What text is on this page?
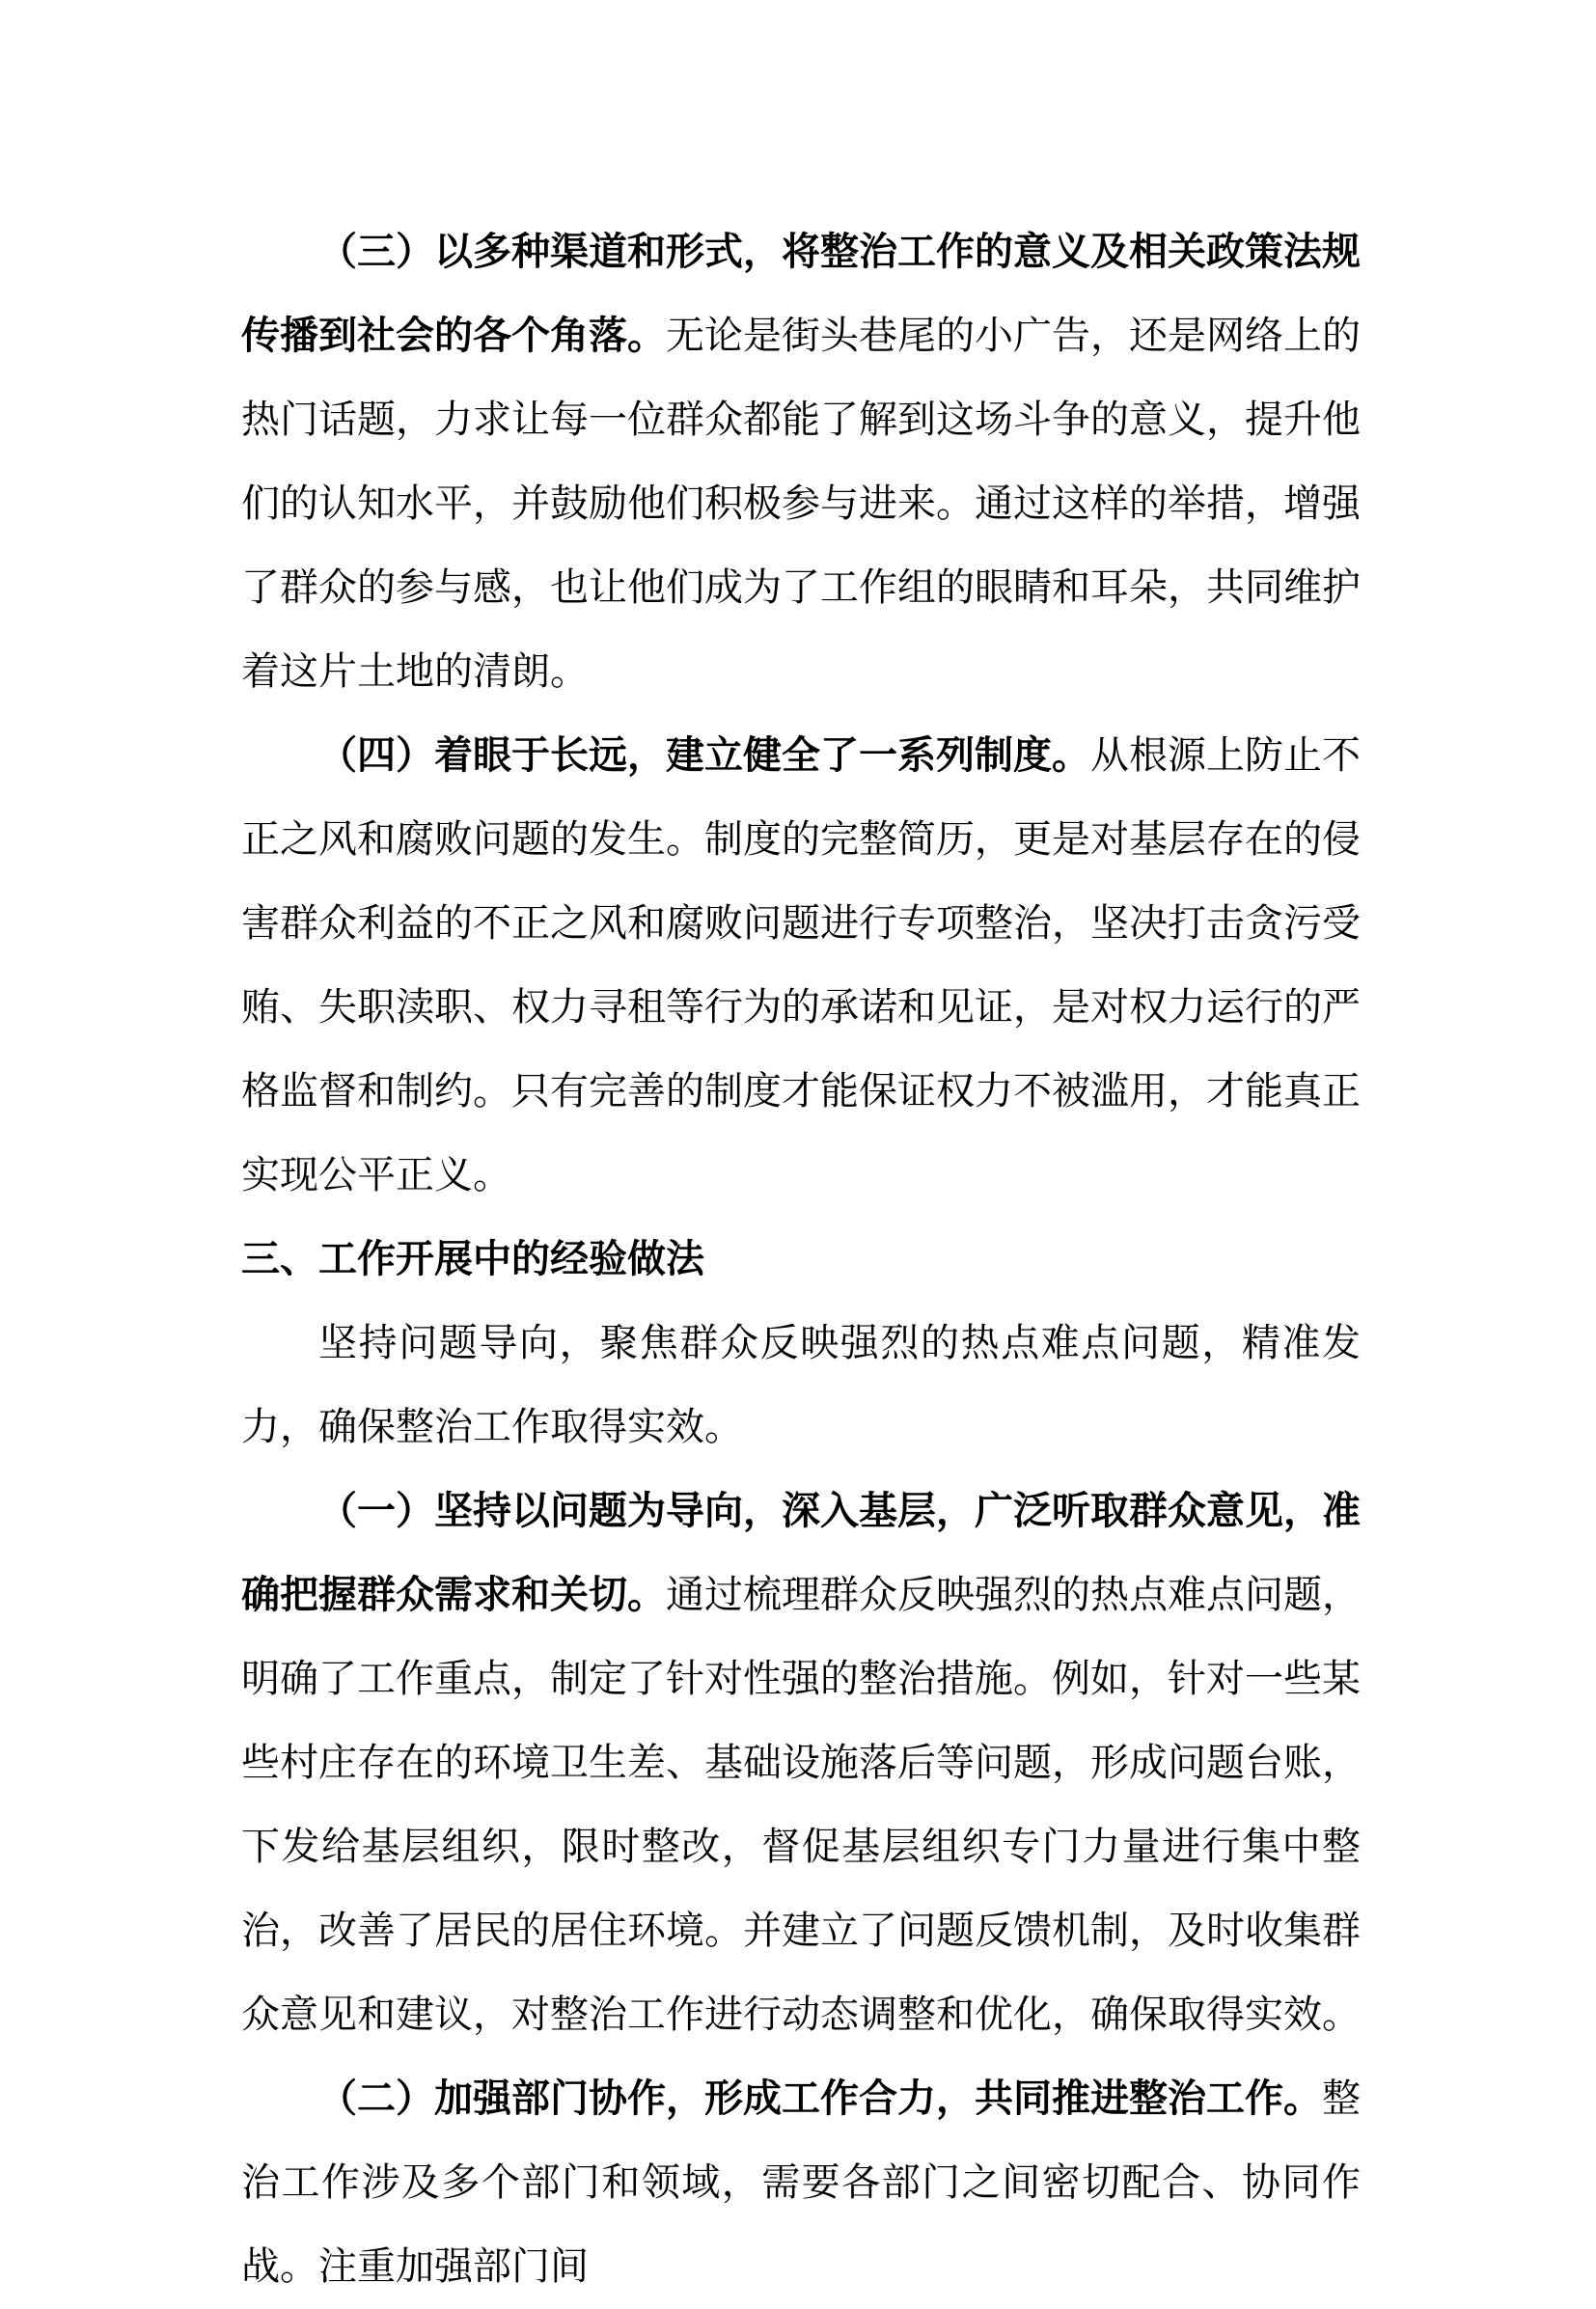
（三）以多种渠道和形式，将整治工作的意义及相关政策法规传播到社会的各个角落。无论是街头巷尾的小广告，还是网络上的热门话题，力求让每一位群众都能了解到这场斗争的意义，提升他们的认知水平，并鼓励他们积极参与进来。通过这样的举措，增强了群众的参与感，也让他们成为了工作组的眼睛和耳朵，共同维护着这片土地的清朗。

（四）着眼于长远，建立健全了一系列制度。从根源上防止不正之风和腐败问题的发生。制度的完整简历，更是对基层存在的侵害群众利益的不正之风和腐败问题进行专项整治，坚决打击贪污受贿、失职渎职、权力寻租等行为的承诺和见证，是对权力运行的严格监督和制约。只有完善的制度才能保证权力不被滥用，才能真正实现公平正义。

三、工作开展中的经验做法

坚持问题导向，聚焦群众反映强烈的热点难点问题，精准发力，确保整治工作取得实效。

（一）坚持以问题为导向，深入基层，广泛听取群众意见，准确把握群众需求和关切。通过梳理群众反映强烈的热点难点问题，明确了工作重点，制定了针对性强的整治措施。例如，针对一些某些村庄存在的环境卫生差、基础设施落后等问题，形成问题台账，下发给基层组织，限时整改，督促基层组织专门力量进行集中整治，改善了居民的居住环境。并建立了问题反馈机制，及时收集群众意见和建议，对整治工作进行动态调整和优化，确保取得实效。

（二）加强部门协作，形成工作合力，共同推进整治工作。整治工作涉及多个部门和领域，需要各部门之间密切配合、协同作战。注重加强部门间
